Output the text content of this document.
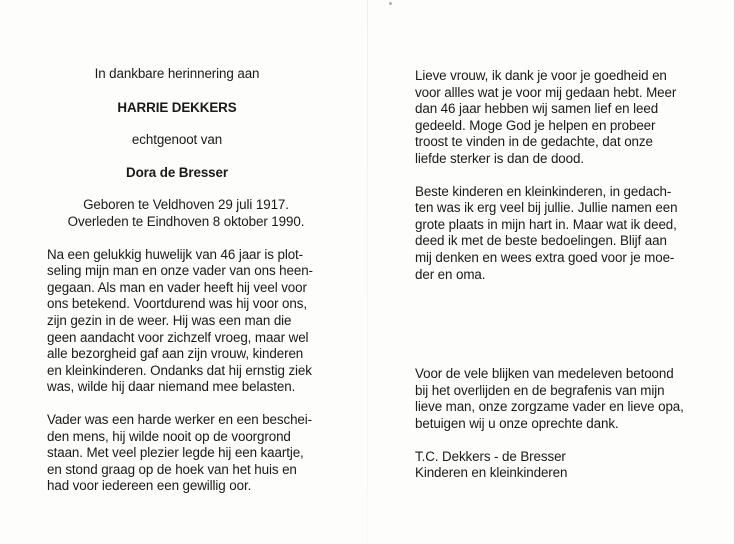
In dankbare herinnering aan

HARRIE DEKKERS

echtgenoot van

Dora de Bresser

Geboren te Veldhoven 29 juli 1917.

Overleden te Eindhoven 8 oktober 1990.

Na een gelukkig huwelijk van 46 jaar is plot-
seling mijn man en onze vader van ons heen-
gegaan. Als man en vader heeft hij veel voor
ons betekend. Voortdurend was hij voor ons,
zijn gezin in de weer. Hij was een man die
geen aandacht voor zichzelf vroeg, maar wel
alle bezorgheid gaf aan zijn vrouw, kinderen
en kleinkinderen. Ondanks dat hij ernstig ziek
was, wilde hij daar niemand mee belasten.
Vader was een harde werker en een beschei-
den mens, hij wilde nooit op de voorgrond
staan. Met veel plezier legde hij een kaartje,
en stond graag op de hoek van het huis en
had voor iedereen een gewillig oor.
Lieve vrouw, ik dank je voor je goedheid en
voor allles wat je voor mij gedaan hebt. Meer
dan 46 jaar hebben wij samen lief en leed
gedeeld. Moge God je helpen en probeer
troost te vinden in de gedachte, dat onze
liefde sterker is dan de dood.
Beste kinderen en kleinkinderen, in gedach-
ten was ik erg veel bij jullie. Jullie namen een
grote plaats in mijn hart in. Maar wat ik deed,
deed ik met de beste bedoelingen. Blijf aan
mij denken en wees extra goed voor je moe-
der en oma.
Voor de vele blijken van medeleven betoond
bij het overlijden en de begrafenis van mijn
lieve man, onze zorgzame vader en lieve opa,
betuigen wij u onze oprechte dank.

T.C. Dekkers - de Bresser

Kinderen en kleinkinderen
